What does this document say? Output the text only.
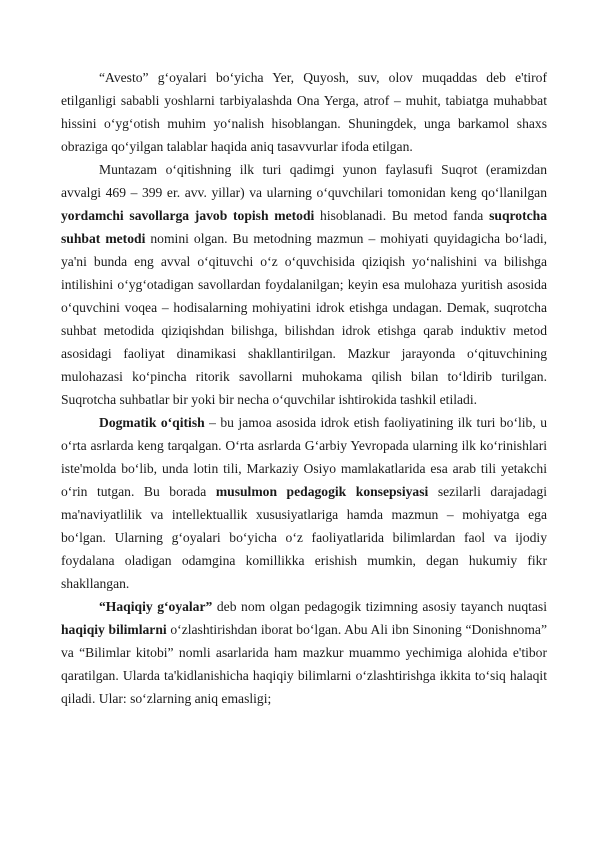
“Avesto” g‘oyalari bo‘yicha Yer, Quyosh, suv, olov muqaddas deb e'tirof etilganligi sababli yoshlarni tarbiyalashda Ona Yerga, atrof – muhit, tabiatga muhabbat hissini o‘yg‘otish muhim yo‘nalish hisoblangan. Shuningdek, unga barkamol shaxs obraziga qo‘yilgan talablar haqida aniq tasavvurlar ifoda etilgan.

Muntazam o‘qitishning ilk turi qadimgi yunon faylasufi Suqrot (eramizdan avvalgi 469 – 399 er. avv. yillar) va ularning o‘quvchilari tomonidan keng qo‘llanilgan yordamchi savollarga javob topish metodi hisoblanadi. Bu metod fanda suqrotcha suhbat metodi nomini olgan. Bu metodning mazmun – mohiyati quyidagicha bo‘ladi, ya'ni bunda eng avval o‘qituvchi o‘z o‘quvchisida qiziqish yo‘nalishini va bilishga intilishini o‘yg‘otadigan savollardan foydalanilgan; keyin esa mulohaza yuritish asosida o‘quvchini voqea – hodisalarning mohiyatini idrok etishga undagan. Demak, suqrotcha suhbat metodida qiziqishdan bilishga, bilishdan idrok etishga qarab induktiv metod asosidagi faoliyat dinamikasi shakllantirilgan. Mazkur jarayonda o‘qituvchining mulohazasi ko‘pincha ritorik savollarni muhokama qilish bilan to‘ldirib turilgan. Suqrotcha suhbatlar bir yoki bir necha o‘quvchilar ishtirokida tashkil etiladi.

Dogmatik o‘qitish – bu jamoa asosida idrok etish faoliyatining ilk turi bo‘lib, u o‘rta asrlarda keng tarqalgan. O‘rta asrlarda G‘arbiy Yevropada ularning ilk ko‘rinishlari iste'molda bo‘lib, unda lotin tili, Markaziy Osiyo mamlakatlarida esa arab tili yetakchi o‘rin tutgan. Bu borada musulmon pedagogik konsepsiyasi sezilarli darajadagi ma'naviyatlilik va intellektuallik xususiyatlariga hamda mazmun – mohiyatga ega bo‘lgan. Ularning g‘oyalari bo‘yicha o‘z faoliyatlarida bilimlardan faol va ijodiy foydalana oladigan odamgina komillikka erishish mumkin, degan hukumiy fikr shakllangan.

“Haqiqiy g‘oyalar” deb nom olgan pedagogik tizimning asosiy tayanch nuqtasi haqiqiy bilimlarni o‘zlashtirishdan iborat bo‘lgan. Abu Ali ibn Sinoning “Donishnoma” va “Bilimlar kitobi” nomli asarlarida ham mazkur muammo yechimiga alohida e'tibor qaratilgan. Ularda ta'kidlanishicha haqiqiy bilimlarni o‘zlashtirishga ikkita to‘siq halaqit qiladi. Ular: so‘zlarning aniq emasligi;
